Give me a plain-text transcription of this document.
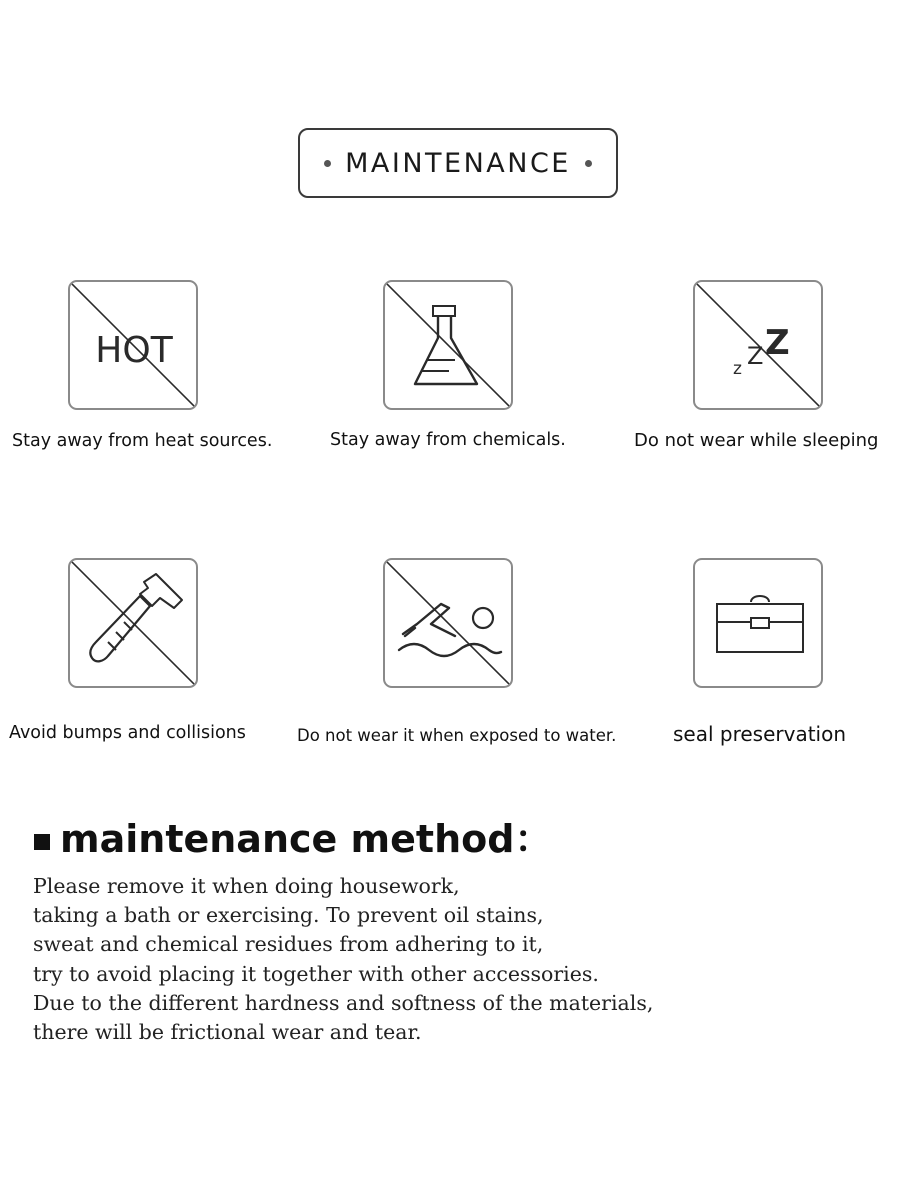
MAINTENANCE
HOT
Stay away from heat sources.	Stay away from chemicals.
z Z Z
Do not wear while sleeping
Avoid bumps and collisions	Do not wear it when exposed to water.	seal preservation
maintenance method：
Please remove it when doing housework,
taking a bath or exercising. To prevent oil stains,
sweat and chemical residues from adhering to it,
try to avoid placing it together with other accessories.
Due to the different hardness and softness of the materials,
there will be frictional wear and tear.
